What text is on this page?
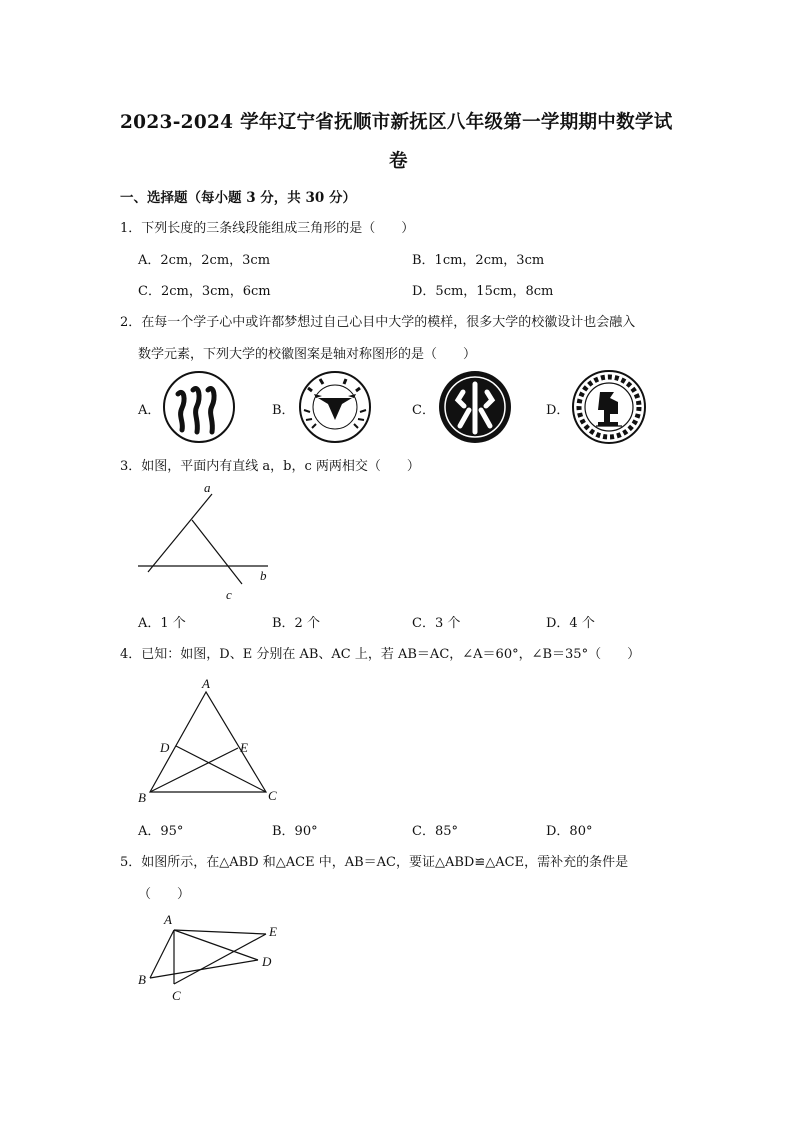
2023-2024 学年辽宁省抚顺市新抚区八年级第一学期期中数学试
卷
一、选择题（每小题 3 分，共 30 分）
1．下列长度的三条线段能组成三角形的是（　　）
A．2cm，2cm，3cm	B．1cm，2cm，3cm
C．2cm，3cm，6cm	D．5cm，15cm，8cm
2．在每一个学子心中或许都梦想过自己心目中大学的模样，很多大学的校徽设计也会融入
数学元素，下列大学的校徽图案是轴对称图形的是（　　）
A．	B．	C．	D．
3．如图，平面内有直线 a，b，c 两两相交（　　）
a
b
c
A．1 个	B．2 个	C．3 个	D．4 个
4．已知：如图，D、E 分别在 AB、AC 上，若 AB＝AC，∠A＝60°，∠B＝35°（　　）
A
D	E
B	C
A．95°	B．90°	C．85°	D．80°
5．如图所示，在△ABD 和△ACE 中，AB＝AC，要证△ABD≌△ACE，需补充的条件是
（　　）
A
E
D
B
C
